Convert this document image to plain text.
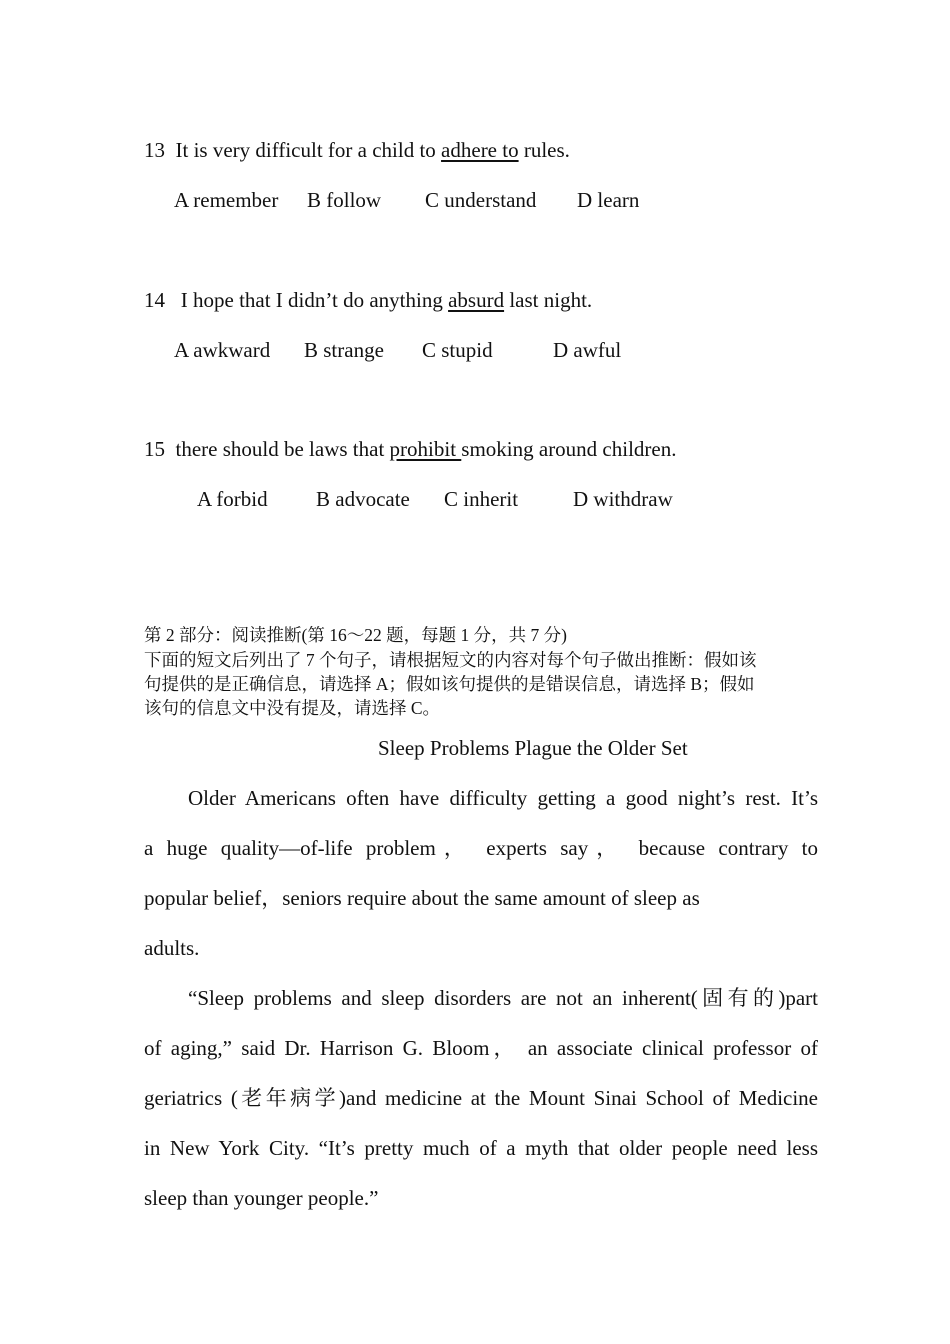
13 It is very difficult for a child to adhere to rules.
A remember B follow C understand D learn
14 I hope that I didn’t do anything absurd last night.
A awkward B strange C stupid	D awful
15 there should be laws that prohibit smoking around children.
A forbid B advocate C inherit	D withdraw
第 2 部分：阅读推断(第 16～22 题，每题 1 分，共 7 分)
下面的短文后列出了 7 个句子，请根据短文的内容对每个句子做出推断：假如该
句提供的是正确信息，请选择 A；假如该句提供的是错误信息，请选择 B；假如
该句的信息文中没有提及，请选择 C。
Sleep Problems Plague the Older Set
Older Americans often have difficulty getting a good night’s rest. It’s
a huge quality—of-life problem， experts say， because contrary to
popular belief，seniors require about the same amount of sleep as
adults.
“Sleep problems and sleep disorders are not an inherent(固有的)part
of aging,” said Dr. Harrison G. Bloom， an associate clinical professor of
geriatrics (老年病学)and medicine at the Mount Sinai School of Medicine
in New York City. “It’s pretty much of a myth that older people need less
sleep than younger people.”
